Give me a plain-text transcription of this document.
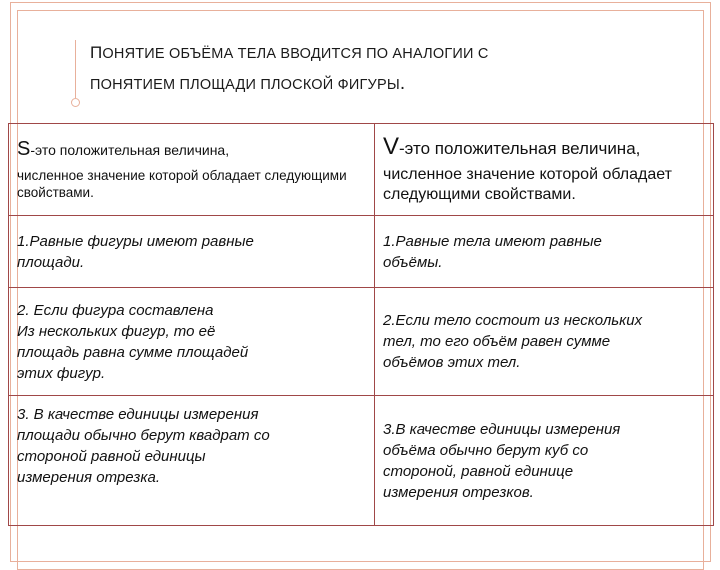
ПОНЯТИЕ ОБЪЁМА ТЕЛА ВВОДИТСЯ ПО АНАЛОГИИ С
ПОНЯТИЕМ ПЛОЩАДИ ПЛОСКОЙ ФИГУРЫ.
S-это положительная величина,
численное значение которой обладает следующими свойствами.	V-это положительная величина,
численное значение которой обладает следующими свойствами.

1.Равные фигуры имеют равные
площади.	1.Равные тела имеют равные
объёмы.

2. Если фигура составлена
Из нескольких фигур, то её
площадь равна сумме площадей
этих фигур.	2.Если тело состоит из нескольких
тел, то его объём равен сумме
объёмов этих тел.

3. В качестве единицы измерения
площади обычно берут квадрат со
стороной равной единицы
измерения отрезка.	3.В качестве единицы измерения
объёма обычно берут куб со
стороной, равной единице
измерения отрезков.
